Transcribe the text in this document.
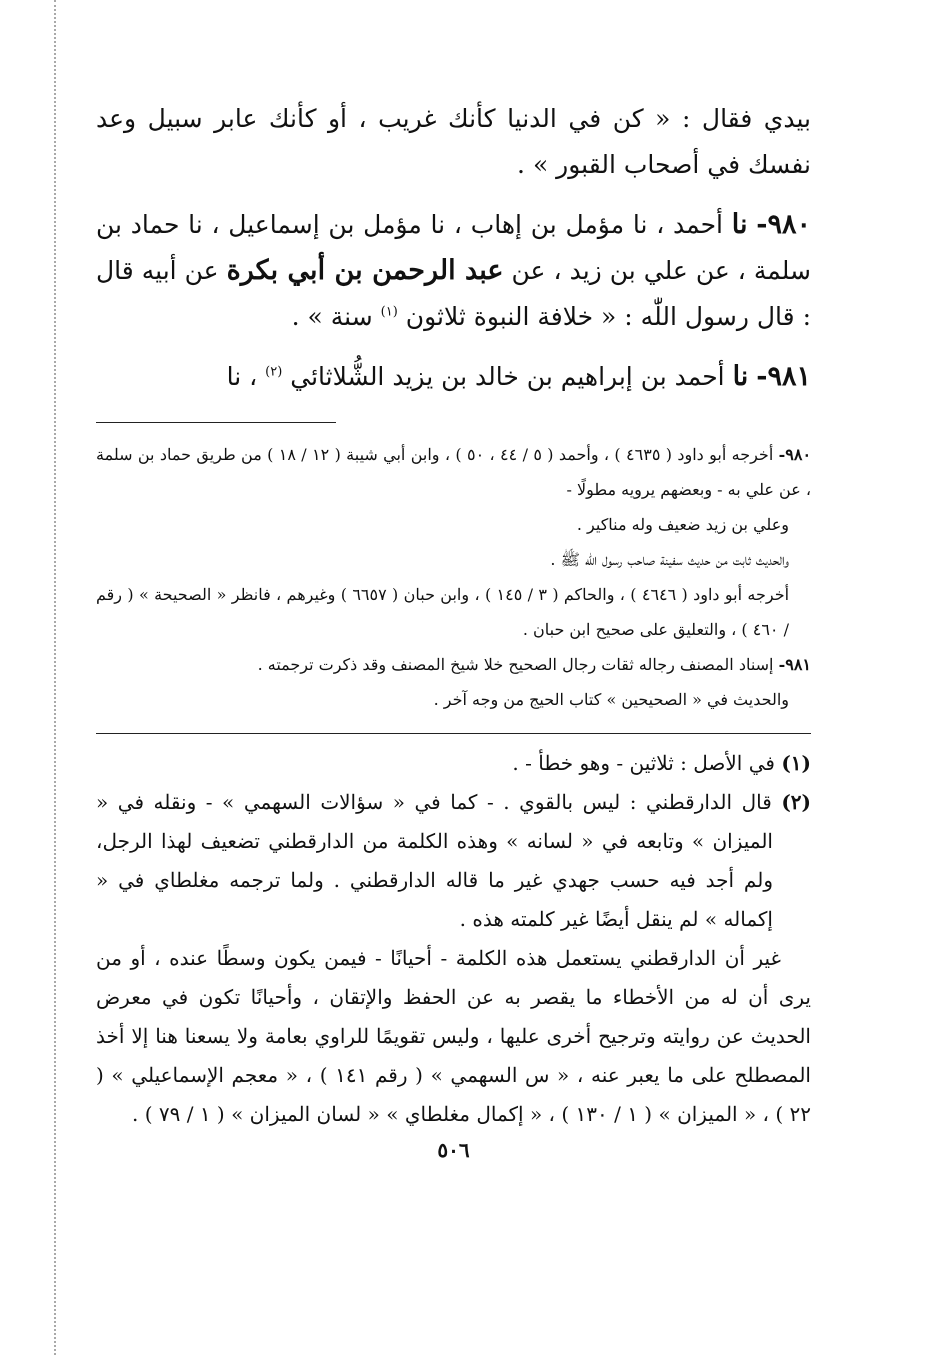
بيدي فقال : « كن في الدنيا كأنك غريب ، أو كأنك عابر سبيل وعد نفسك في أصحاب القبور » .

٩٨٠- نا أحمد ، نا مؤمل بن إهاب ، نا مؤمل بن إسماعيل ، نا حماد بن سلمة ، عن علي بن زيد ، عن عبد الرحمن بن أبي بكرة عن أبيه قال : قال رسول اللّٰه : « خلافة النبوة ثلاثون $^{(١)}$ سنة » .

٩٨١- نا أحمد بن إبراهيم بن خالد بن يزيد الشُّلاثائي $^{(٢)}$ ، نا

٩٨٠- أخرجه أبو داود ( ٤٦٣٥ ) ، وأحمد ( ٥ / ٤٤ ، ٥٠ ) ، وابن أبي شيبة ( ١٢ / ١٨ ) من طريق حماد بن سلمة ، عن علي به - وبعضهم يرويه مطولًا -

وعلي بن زيد ضعيف وله مناكير .

والحديث ثابت من حديث سفينة صاحب رسول اللّٰه ﷺ .

أخرجه أبو داود ( ٤٦٤٦ ) ، والحاكم ( ٣ / ١٤٥ ) ، وابن حبان ( ٦٦٥٧ ) وغيرهم ، فانظر « الصحيحة » ( رقم / ٤٦٠ ) ، والتعليق على صحيح ابن حبان .

٩٨١- إسناد المصنف رجاله ثقات رجال الصحيح خلا شيخ المصنف وقد ذكرت ترجمته .

والحديث في « الصحيحين » كتاب الحيج من وجه آخر .

(١) في الأصل : ثلاثين - وهو خطأ - .

(٢) قال الدارقطني : ليس بالقوي . - كما في « سؤالات السهمي » - ونقله في « الميزان » وتابعه في « لسانه » وهذه الكلمة من الدارقطني تضعيف لهذا الرجل، ولم أجد فيه حسب جهدي غير ما قاله الدارقطني . ولما ترجمه مغلطاي في « إكماله » لم ينقل أيضًا غير كلمته هذه .

غير أن الدارقطني يستعمل هذه الكلمة - أحيانًا - فيمن يكون وسطًا عنده ، أو من يرى أن له من الأخطاء ما يقصر به عن الحفظ والإتقان ، وأحيانًا تكون في معرض الحديث عن روايته وترجيح أخرى عليها ، وليس تقويمًا للراوي بعامة ولا يسعنا هنا إلا أخذ المصطلح على ما يعبر عنه ، « س السهمي » ( رقم ١٤١ ) ، « معجم الإسماعيلي » ( ٢٢ ) ، « الميزان » ( ١ / ١٣٠ ) ، « إكمال مغلطاي » « لسان الميزان » ( ١ / ٧٩ ) .

٥٠٦
